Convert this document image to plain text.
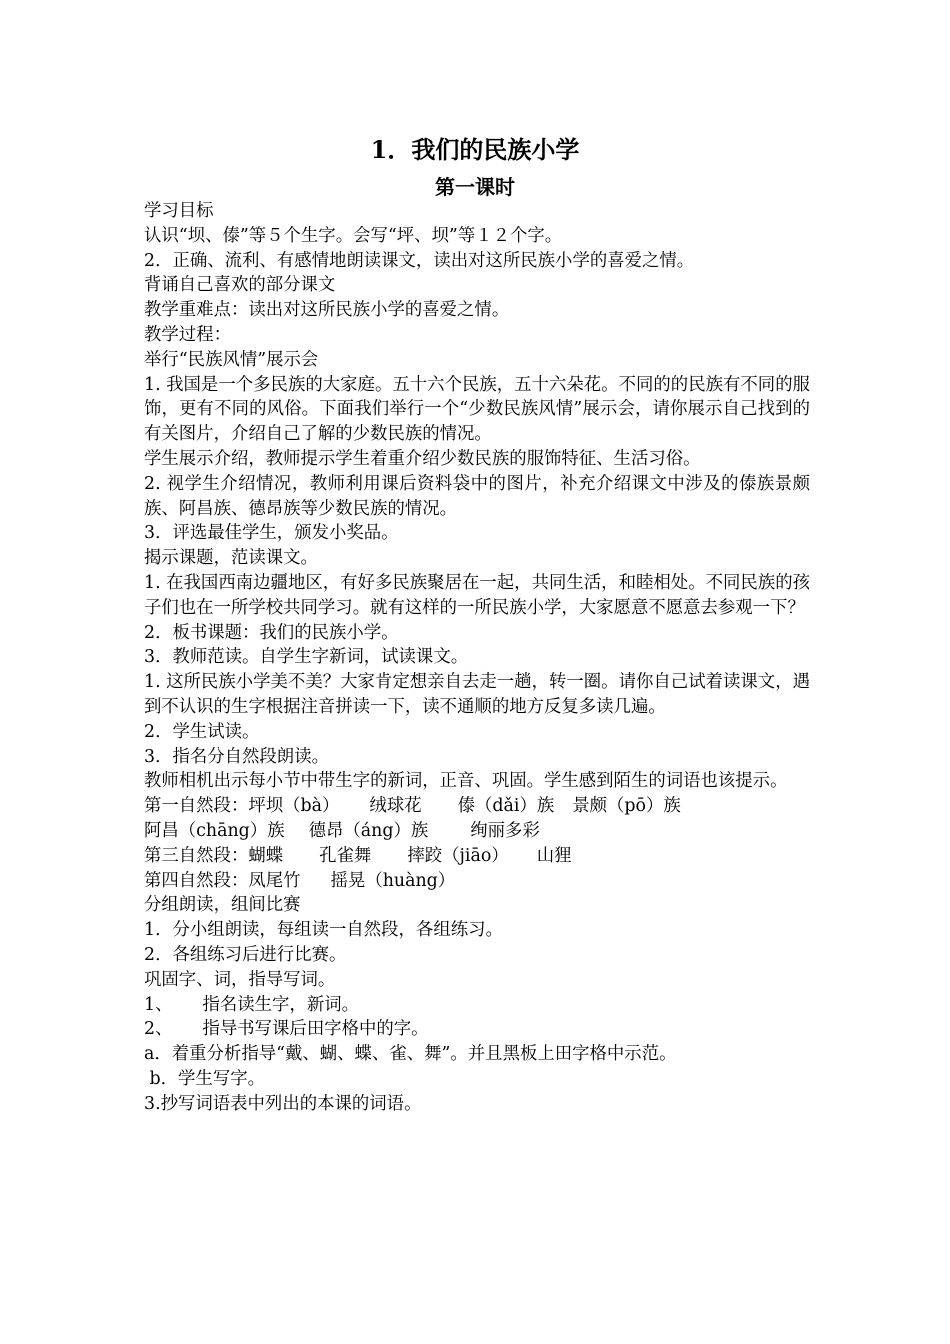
1．我们的民族小学
第一课时

学习目标

认识“坝、傣”等５个生字。会写“坪、坝”等１２个字。

2．正确、流利、有感情地朗读课文，读出对这所民族小学的喜爱之情。

背诵自己喜欢的部分课文

教学重难点：读出对这所民族小学的喜爱之情。

教学过程：

举行“民族风情”展示会

1. 我国是一个多民族的大家庭。五十六个民族，五十六朵花。不同的的民族有不同的服饰，更有不同的风俗。下面我们举行一个“少数民族风情”展示会，请你展示自己找到的有关图片，介绍自己了解的少数民族的情况。

学生展示介绍，教师提示学生着重介绍少数民族的服饰特征、生活习俗。

2. 视学生介绍情况，教师利用课后资料袋中的图片，补充介绍课文中涉及的傣族景颇族、阿昌族、德昂族等少数民族的情况。

3．评选最佳学生，颁发小奖品。

揭示课题，范读课文。

1. 在我国西南边疆地区，有好多民族聚居在一起，共同生活，和睦相处。不同民族的孩子们也在一所学校共同学习。就有这样的一所民族小学，大家愿意不愿意去参观一下？

2．板书课题：我们的民族小学。

3．教师范读。自学生字新词，试读课文。

1. 这所民族小学美不美？大家肯定想亲自去走一趟，转一圈。请你自己试着读课文，遇到不认识的生字根据注音拼读一下，读不通顺的地方反复多读几遍。

2．学生试读。

3．指名分自然段朗读。

教师相机出示每小节中带生字的新词，正音、巩固。学生感到陌生的词语也该提示。

第一自然段：坪坝（bà） 绒球花 傣（dǎi）族 景颇（pō）族

阿昌（chāng）族 德昂（áng）族 绚丽多彩

第三自然段：蝴蝶 孔雀舞 摔跤（jiāo） 山狸

第四自然段：凤尾竹 摇晃（huàng）

分组朗读，组间比赛

1．分小组朗读，每组读一自然段，各组练习。

2．各组练习后进行比赛。

巩固字、词，指导写词。

1、 指名读生字，新词。

2、 指导书写课后田字格中的字。

a．着重分析指导“戴、蝴、蝶、雀、舞”。并且黑板上田字格中示范。

b．学生写字。

3.抄写词语表中列出的本课的词语。
